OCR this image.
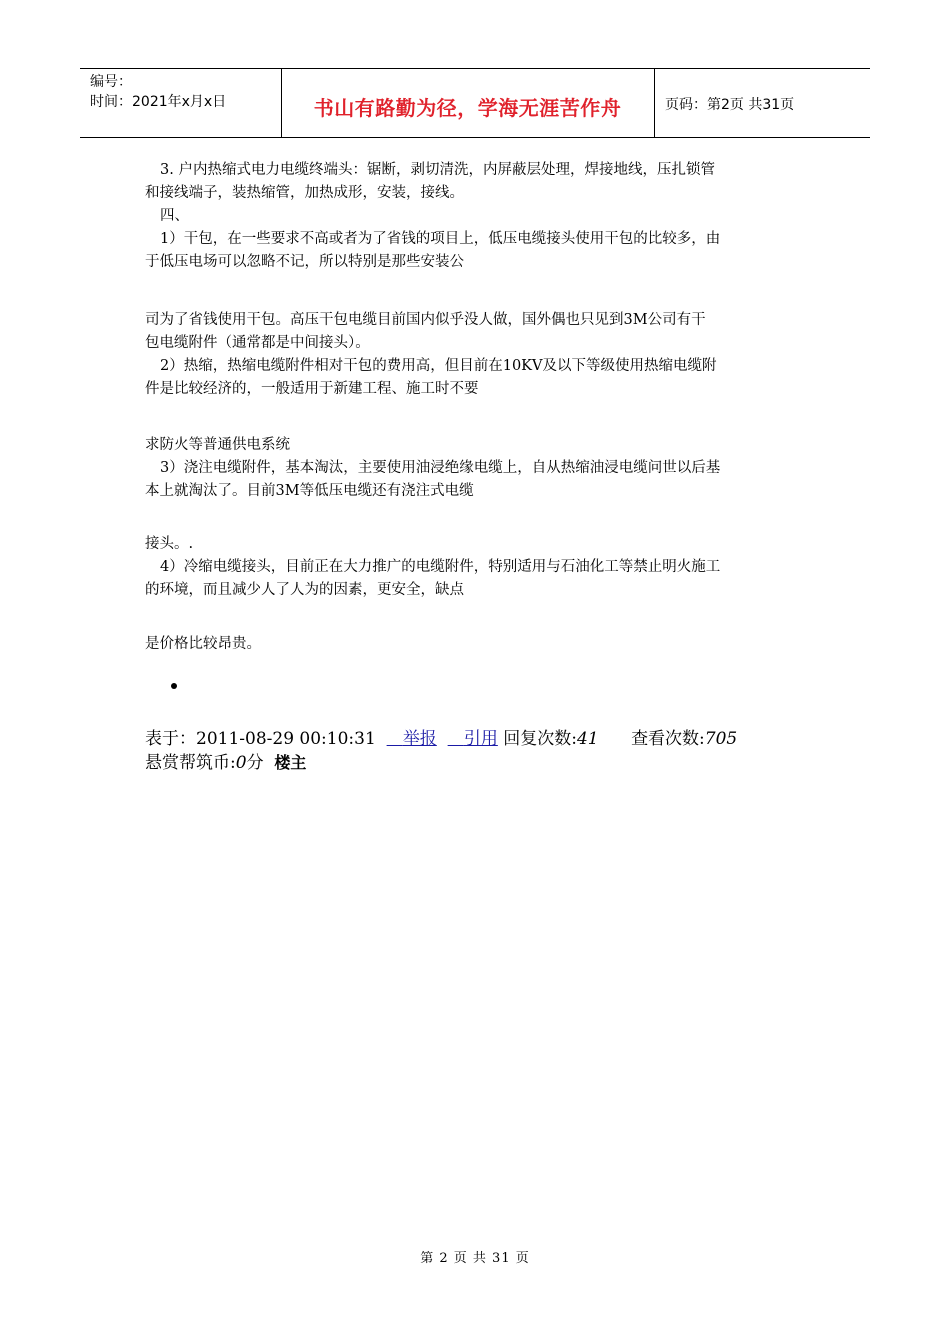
编号：
时间：2021年x月x日	书山有路勤为径，学海无涯苦作舟	页码：第2页 共31页

3. 户内热缩式电力电缆终端头：锯断，剥切清洗，内屏蔽层处理，焊接地线，压扎锁管

和接线端子，装热缩管，加热成形，安装，接线。

四、

1）干包，在一些要求不高或者为了省钱的项目上，低压电缆接头使用干包的比较多，由

于低压电场可以忽略不记，所以特别是那些安装公

司为了省钱使用干包。高压干包电缆目前国内似乎没人做，国外偶也只见到3M公司有干

包电缆附件（通常都是中间接头）。

2）热缩，热缩电缆附件相对干包的费用高，但目前在10KV及以下等级使用热缩电缆附

件是比较经济的，一般适用于新建工程、施工时不要

求防火等普通供电系统

3）浇注电缆附件，基本淘汰，主要使用油浸绝缘电缆上，自从热缩油浸电缆问世以后基

本上就淘汰了。目前3M等低压电缆还有浇注式电缆

接头。.

4）冷缩电缆接头，目前正在大力推广的电缆附件，特别适用与石油化工等禁止明火施工

的环境，而且减少人了人为的因素，更安全，缺点

是价格比较昂贵。

表于：2011-08-29 00:10:31 举报 引用 回复次数:41 查看次数:705

悬赏帮筑币:0分 楼主

第 2 页 共 31 页
